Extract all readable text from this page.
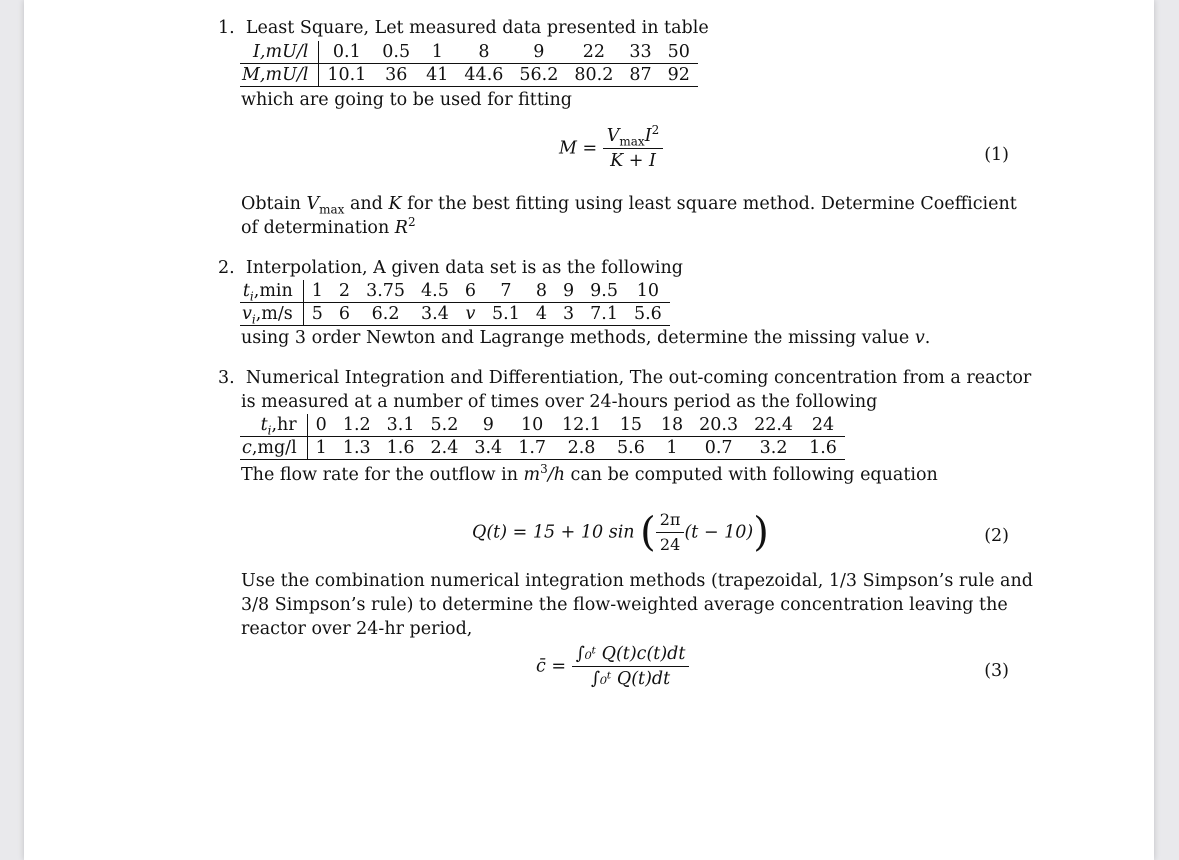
1. Least Square, Let measured data presented in table
I,mU/l	0.1	0.5	1	8	9	22	33	50
M,mU/l	10.1	36	41	44.6	56.2	80.2	87	92
which are going to be used for fitting
$M = \frac{V_{max}I^2}{K + I}$	(1)
Obtain $V_{max}$ and K for the best fitting using least square method. Determine Coefficient
of determination $R^2$
2. Interpolation, A given data set is as the following
$t_i,\min$	1	2	3.75	4.5	6	7	8	9	9.5	10
$v_i,m/s$	5	6	6.2	3.4	v	5.1	4	3	7.1	5.6
using 3 order Newton and Lagrange methods, determine the missing value v.
3. Numerical Integration and Differentiation, The out-coming concentration from a reactor
is measured at a number of times over 24-hours period as the following
$t_i,hr$	0	1.2	3.1	5.2	9	10	12.1	15	18	20.3	22.4	24
c,mg/l	1	1.3	1.6	2.4	3.4	1.7	2.8	5.6	1	0.7	3.2	1.6
The flow rate for the outflow in $m^3/h$ can be computed with following equation
Q(t) = 15 + 10 sin ( $\frac{2\pi}{24} (t - 10)$)	(2)
Use the combination numerical integration methods (trapezoidal, 1/3 Simpson’s rule and
3/8 Simpson’s rule) to determine the flow-weighted average concentration leaving the
reactor over 24-hr period,
c̄ = $\frac{\text{∫₀ᵗ Q(t)c(t)dt}}{\text{∫₀ᵗ Q(t)dt}}$	(3)
